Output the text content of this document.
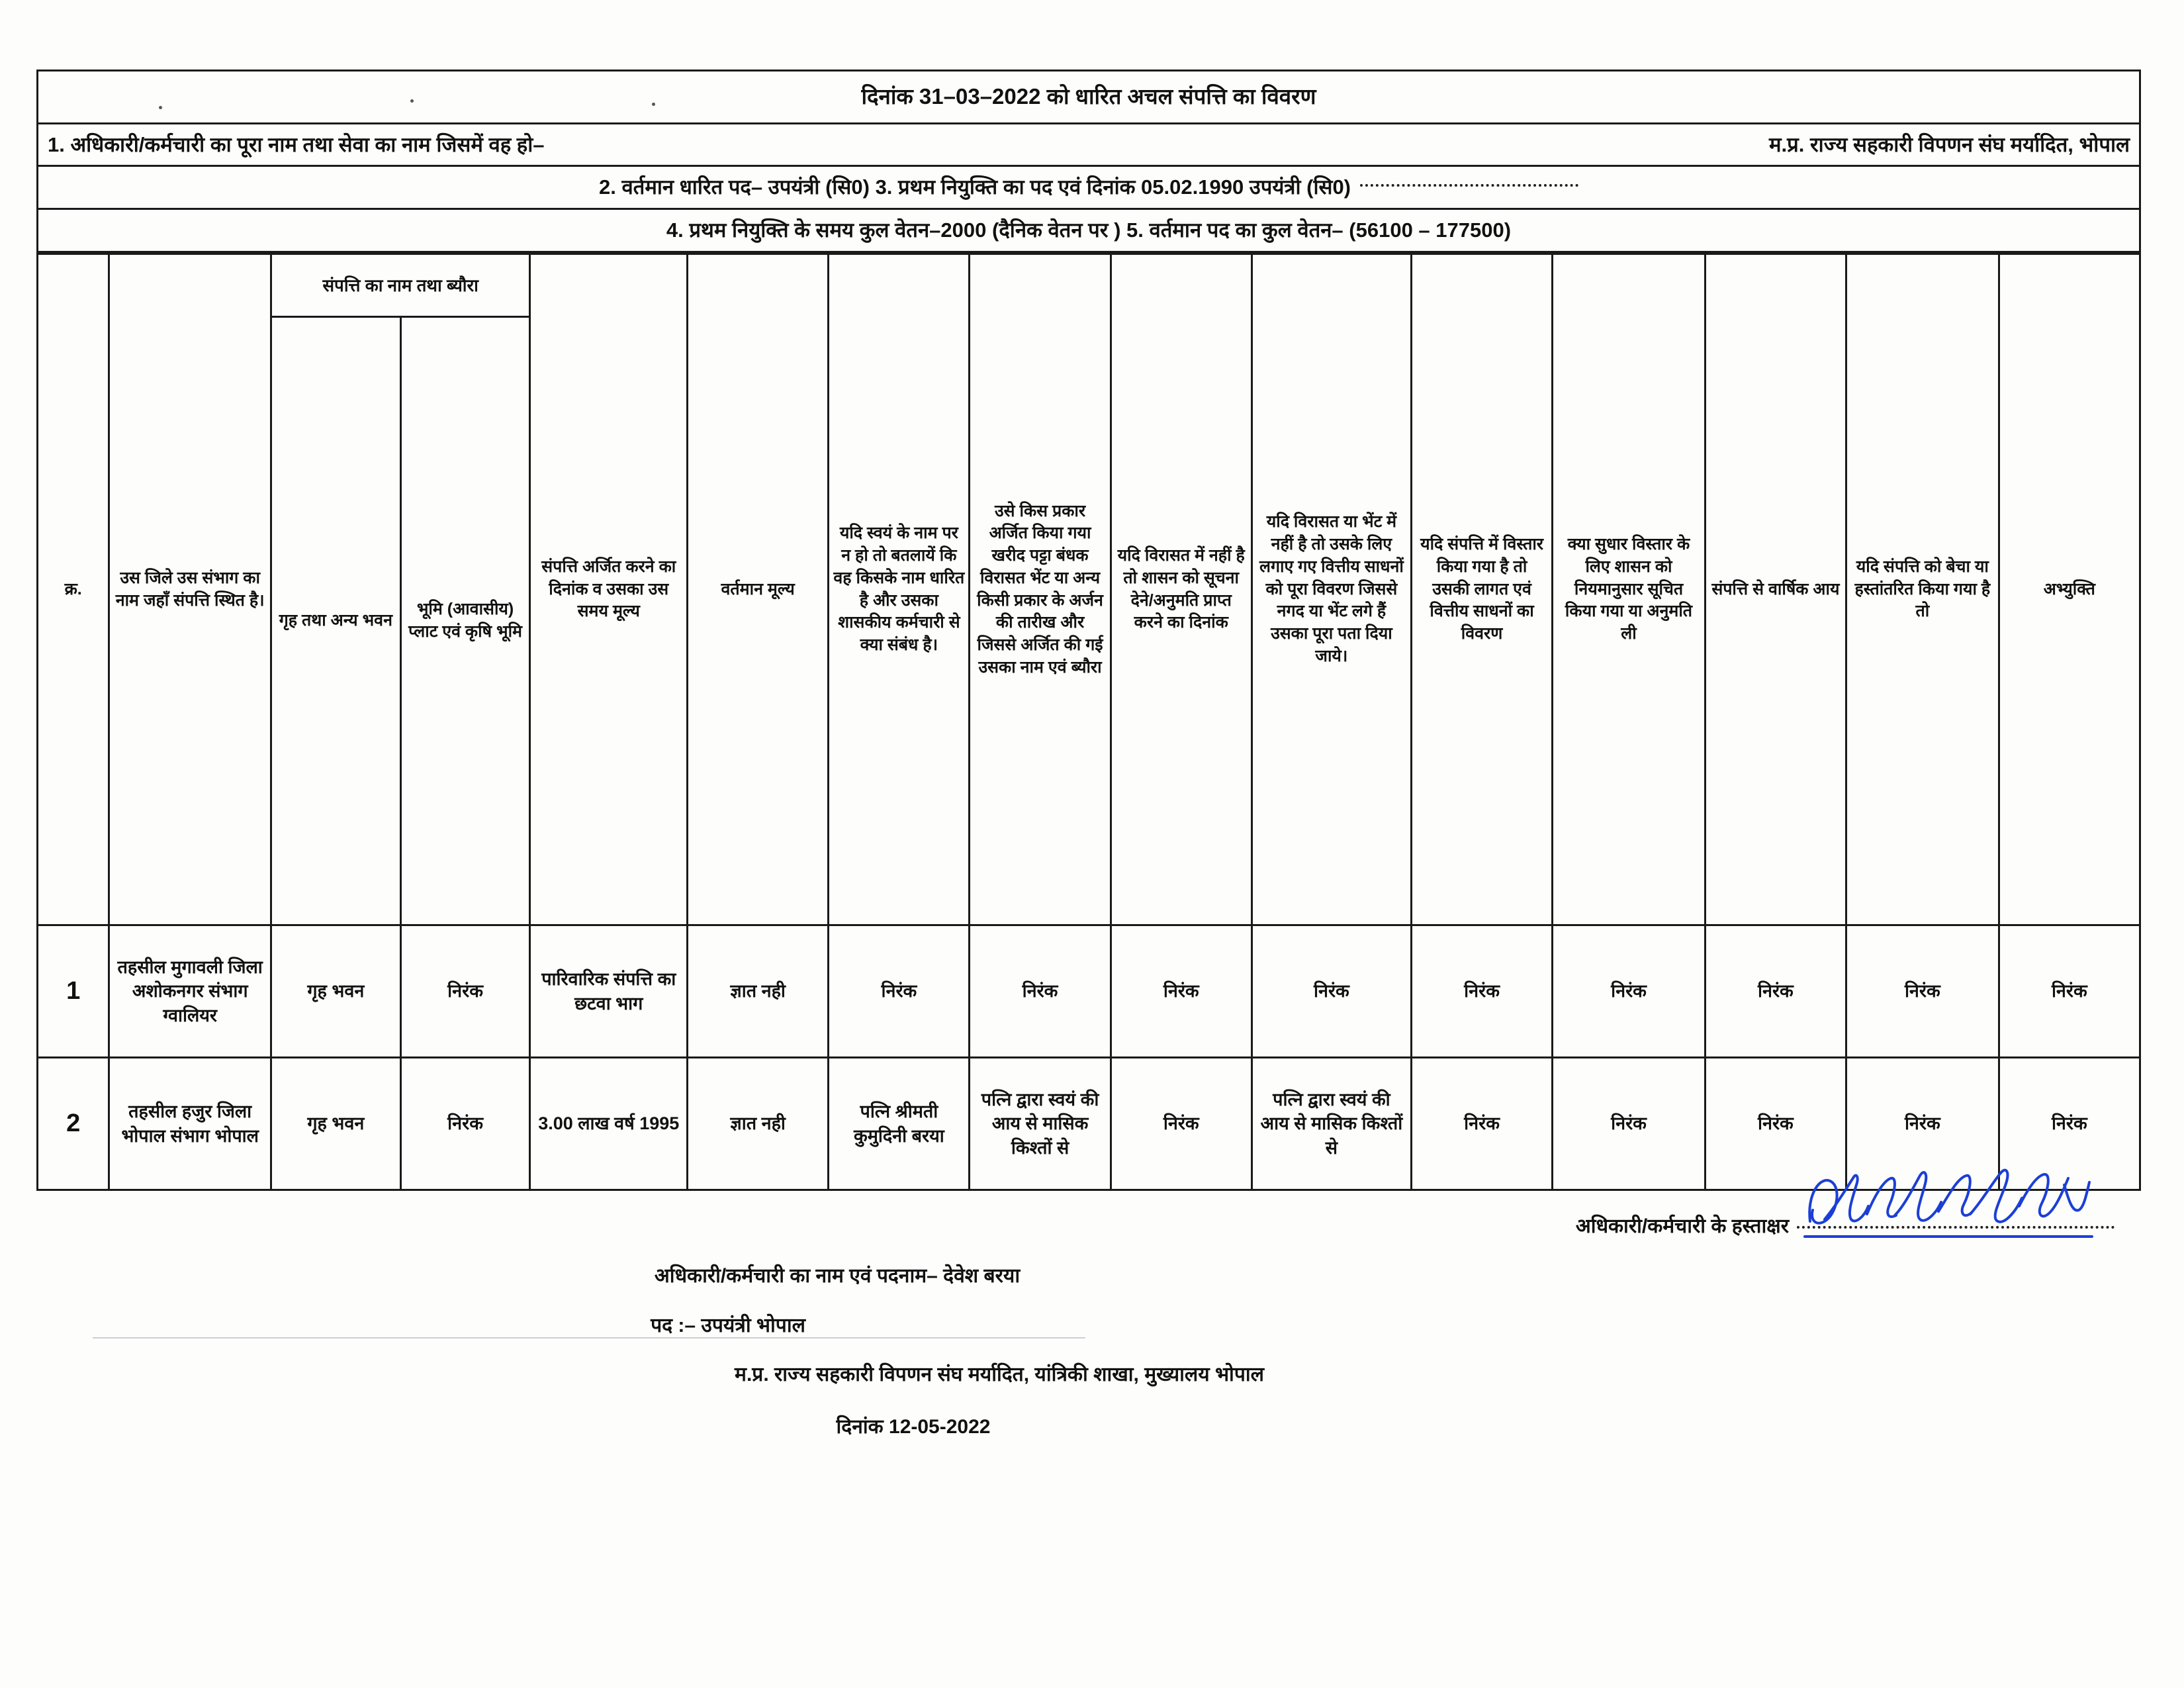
दिनांक 31–03–2022 को धारित अचल संपत्ति का विवरण

1. अधिकारी/कर्मचारी का पूरा नाम तथा सेवा का नाम जिसमें वह हो–	म.प्र. राज्य सहकारी विपणन संघ मर्यादित, भोपाल

2. वर्तमान धारित पद– उपयंत्री (सि0) 3. प्रथम नियुक्ति का पद एवं दिनांक 05.02.1990 उपयंत्री (सि0)
4. प्रथम नियुक्ति के समय कुल वेतन–2000 (दैनिक वेतन पर ) 5. वर्तमान पद का कुल वेतन– (56100 – 177500)
क्र.	उस जिले उस संभाग का नाम जहाँ संपत्ति स्थित है।	संपत्ति का नाम तथा ब्यौरा		संपत्ति अर्जित करने का दिनांक व उसका उस समय मूल्य	वर्तमान मूल्य	यदि स्वयं के नाम पर न हो तो बतलायें कि वह किसके नाम धारित है और उसका शासकीय कर्मचारी से क्या संबंध है।	उसे किस प्रकार अर्जित किया गया खरीद पट्टा बंधक विरासत भेंट या अन्य किसी प्रकार के अर्जन की तारीख और जिससे अर्जित की गई उसका नाम एवं ब्यौरा	यदि विरासत में नहीं है तो शासन को सूचना देने/अनुमति प्राप्त करने का दिनांक	यदि विरासत या भेंट में नहीं है तो उसके लिए लगाए गए वित्तीय साधनों को पूरा विवरण जिससे नगद या भेंट लगे हैं उसका पूरा पता दिया जाये।	यदि संपत्ति में विस्तार किया गया है तो उसकी लागत एवं वित्तीय साधनों का विवरण	क्या सुधार विस्तार के लिए शासन को नियमानुसार सूचित किया गया या अनुमति ली	संपत्ति से वार्षिक आय	यदि संपत्ति को बेचा या हस्तांतरित किया गया है तो	अभ्युक्ति
		गृह तथा अन्य भवन	भूमि (आवासीय) प्लाट एवं कृषि भूमि											
1	तहसील मुगावली जिला अशोकनगर संभाग ग्वालियर	गृह भवन	निरंक	पारिवारिक संपत्ति का छटवा भाग	ज्ञात नही	निरंक	निरंक	निरंक	निरंक	निरंक	निरंक	निरंक	निरंक	निरंक
2	तहसील हजुर जिला भोपाल संभाग भोपाल	गृह भवन	निरंक	3.00 लाख वर्ष 1995	ज्ञात नही	पत्नि श्रीमती कुमुदिनी बरया	पत्नि द्वारा स्वयं की आय से मासिक किश्तों से	निरंक	पत्नि द्वारा स्वयं की आय से मासिक किश्तों से	निरंक	निरंक	निरंक	निरंक	निरंक
अधिकारी/कर्मचारी के हस्ताक्षर
अधिकारी/कर्मचारी का नाम एवं पदनाम– देवेश बरया
पद :– उपयंत्री भोपाल
म.प्र. राज्य सहकारी विपणन संघ मर्यादित, यांत्रिकी शाखा, मुख्यालय भोपाल
दिनांक 12-05-2022
